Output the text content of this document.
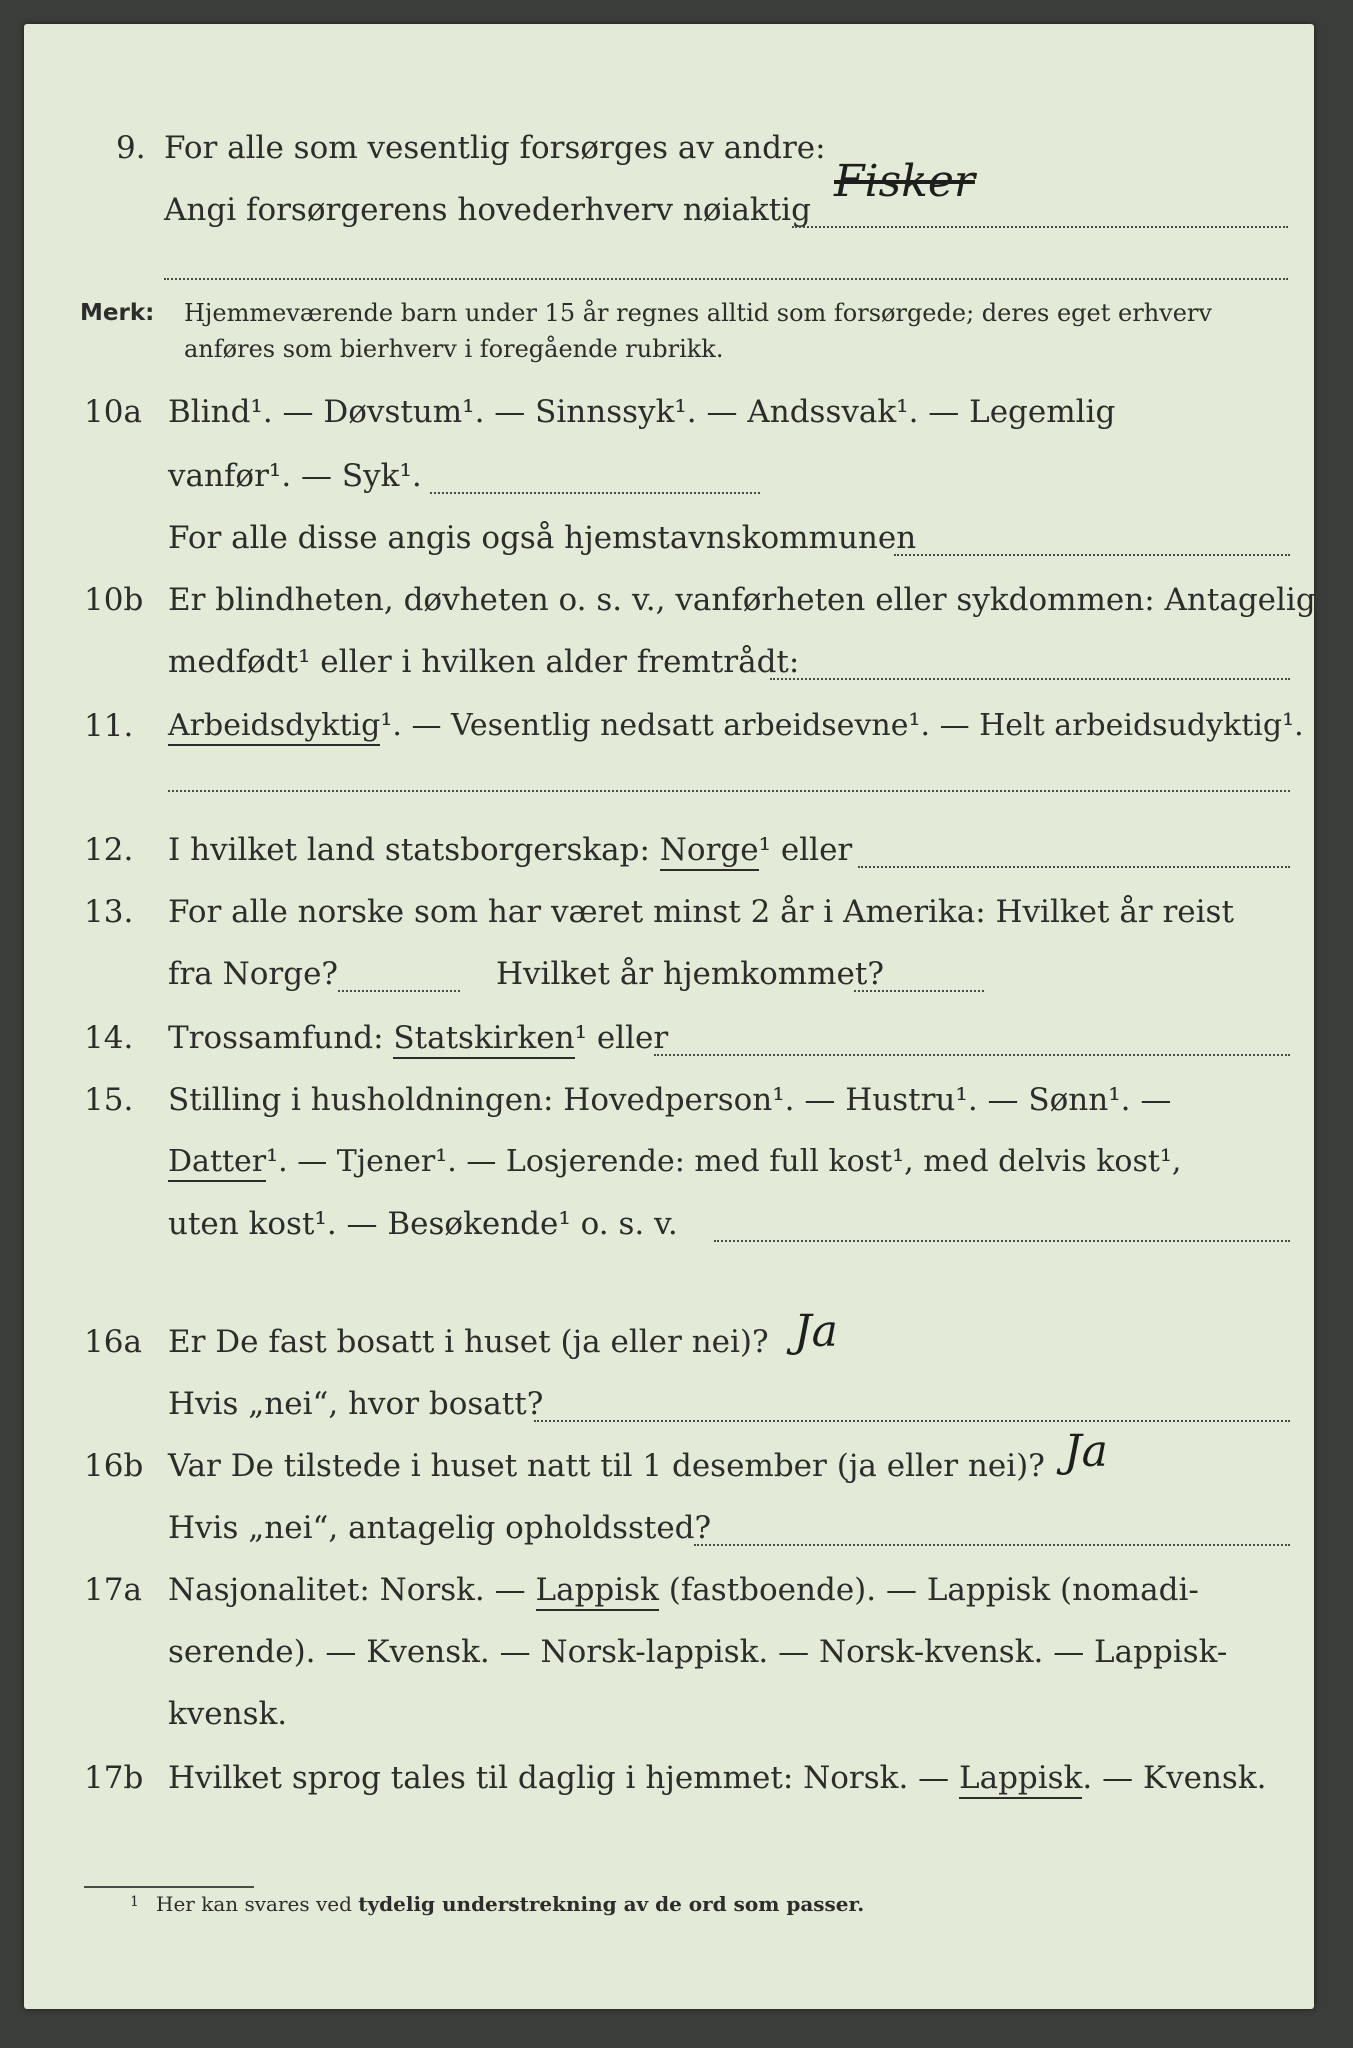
9. For alle som vesentlig forsørges av andre:
Angi forsørgerens hovederhverv nøiaktig
Fisker
Merk: Hjemmeværende barn under 15 år regnes alltid som forsørgede; deres eget erhverv
anføres som bierhverv i foregående rubrikk.
10a Blind¹. — Døvstum¹. — Sinnssyk¹. — Andssvak¹. — Legemlig
vanfør¹. — Syk¹.
For alle disse angis også hjemstavnskommunen
10b Er blindheten, døvheten o. s. v., vanførheten eller sykdommen: Antagelig
medfødt¹ eller i hvilken alder fremtrådt:
11. Arbeidsdyktig¹. — Vesentlig nedsatt arbeidsevne¹. — Helt arbeidsudyktig¹.
12. I hvilket land statsborgerskap: Norge¹ eller
13. For alle norske som har været minst 2 år i Amerika: Hvilket år reist
fra Norge?	Hvilket år hjemkommet?
14. Trossamfund: Statskirken¹ eller
15. Stilling i husholdningen: Hovedperson¹. — Hustru¹. — Sønn¹. —
Datter¹. — Tjener¹. — Losjerende: med full kost¹, med delvis kost¹,
uten kost¹. — Besøkende¹ o. s. v.
16a Er De fast bosatt i huset (ja eller nei)? Ja
Hvis „nei“, hvor bosatt?
16b Var De tilstede i huset natt til 1 desember (ja eller nei)? Ja
Hvis „nei“, antagelig opholdssted?
17a Nasjonalitet: Norsk. — Lappisk (fastboende). — Lappisk (nomadi-
serende). — Kvensk. — Norsk-lappisk. — Norsk-kvensk. — Lappisk-
kvensk.
17b Hvilket sprog tales til daglig i hjemmet: Norsk. — Lappisk. — Kvensk.
1 Her kan svares ved tydelig understrekning av de ord som passer.
